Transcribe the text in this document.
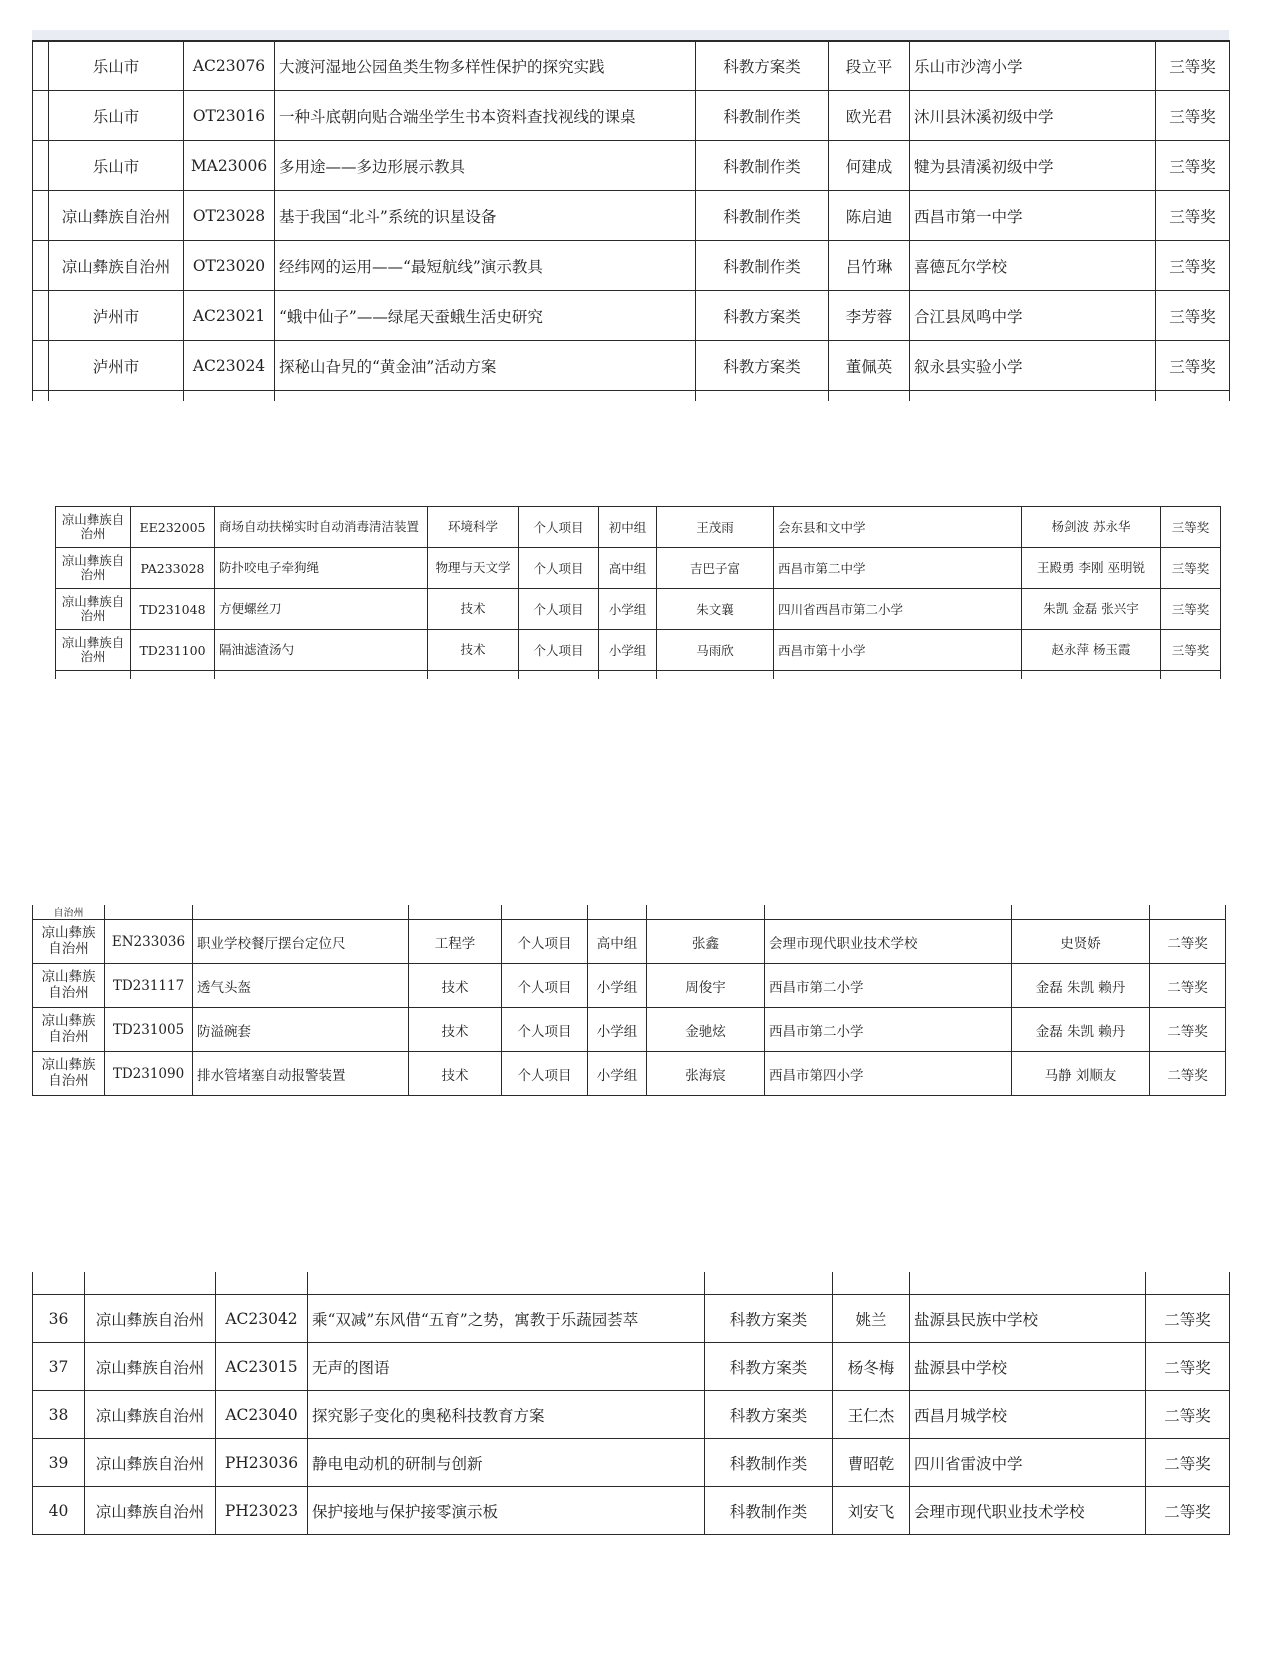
	乐山市	AC23076	大渡河湿地公园鱼类生物多样性保护的探究实践	科教方案类	段立平	乐山市沙湾小学	三等奖
	乐山市	OT23016	一种斗底朝向贴合端坐学生书本资料查找视线的课桌	科教制作类	欧光君	沐川县沐溪初级中学	三等奖
	乐山市	MA23006	多用途——多边形展示教具	科教制作类	何建成	犍为县清溪初级中学	三等奖
	凉山彝族自治州	OT23028	基于我国“北斗”系统的识星设备	科教制作类	陈启迪	西昌市第一中学	三等奖
	凉山彝族自治州	OT23020	经纬网的运用——“最短航线”演示教具	科教制作类	吕竹琳	喜德瓦尔学校	三等奖
	泸州市	AC23021	“蛾中仙子”——绿尾天蚕蛾生活史研究	科教方案类	李芳蓉	合江县凤鸣中学	三等奖
	泸州市	AC23024	探秘山旮旯的“黄金油”活动方案	科教方案类	董佩英	叙永县实验小学	三等奖

凉山彝族自治州	EE232005	商场自动扶梯实时自动消毒清洁装置	环境科学	个人项目	初中组	王茂雨	会东县和文中学	杨剑波 苏永华	三等奖
凉山彝族自治州	PA233028	防扑咬电子牵狗绳	物理与天文学	个人项目	高中组	吉巴子富	西昌市第二中学	王殿勇 李刚 巫明锐	三等奖
凉山彝族自治州	TD231048	方便螺丝刀	技术	个人项目	小学组	朱文襄	四川省西昌市第二小学	朱凯 金磊 张兴宇	三等奖
凉山彝族自治州	TD231100	隔油滤渣汤勺	技术	个人项目	小学组	马雨欣	西昌市第十小学	赵永萍 杨玉霞	三等奖

自治州									
凉山彝族自治州	EN233036	职业学校餐厅摆台定位尺	工程学	个人项目	高中组	张鑫	会理市现代职业技术学校	史贤娇	二等奖
凉山彝族自治州	TD231117	透气头盔	技术	个人项目	小学组	周俊宇	西昌市第二小学	金磊 朱凯 赖丹	二等奖
凉山彝族自治州	TD231005	防溢碗套	技术	个人项目	小学组	金驰炫	西昌市第二小学	金磊 朱凯 赖丹	二等奖
凉山彝族自治州	TD231090	排水管堵塞自动报警装置	技术	个人项目	小学组	张海宸	西昌市第四小学	马静 刘顺友	二等奖

36	凉山彝族自治州	AC23042	乘“双减”东风借“五育”之势，寓教于乐蔬园荟萃	科教方案类	姚兰	盐源县民族中学校	二等奖
37	凉山彝族自治州	AC23015	无声的图语	科教方案类	杨冬梅	盐源县中学校	二等奖
38	凉山彝族自治州	AC23040	探究影子变化的奥秘科技教育方案	科教方案类	王仁杰	西昌月城学校	二等奖
39	凉山彝族自治州	PH23036	静电电动机的研制与创新	科教制作类	曹昭乾	四川省雷波中学	二等奖
40	凉山彝族自治州	PH23023	保护接地与保护接零演示板	科教制作类	刘安飞	会理市现代职业技术学校	二等奖
